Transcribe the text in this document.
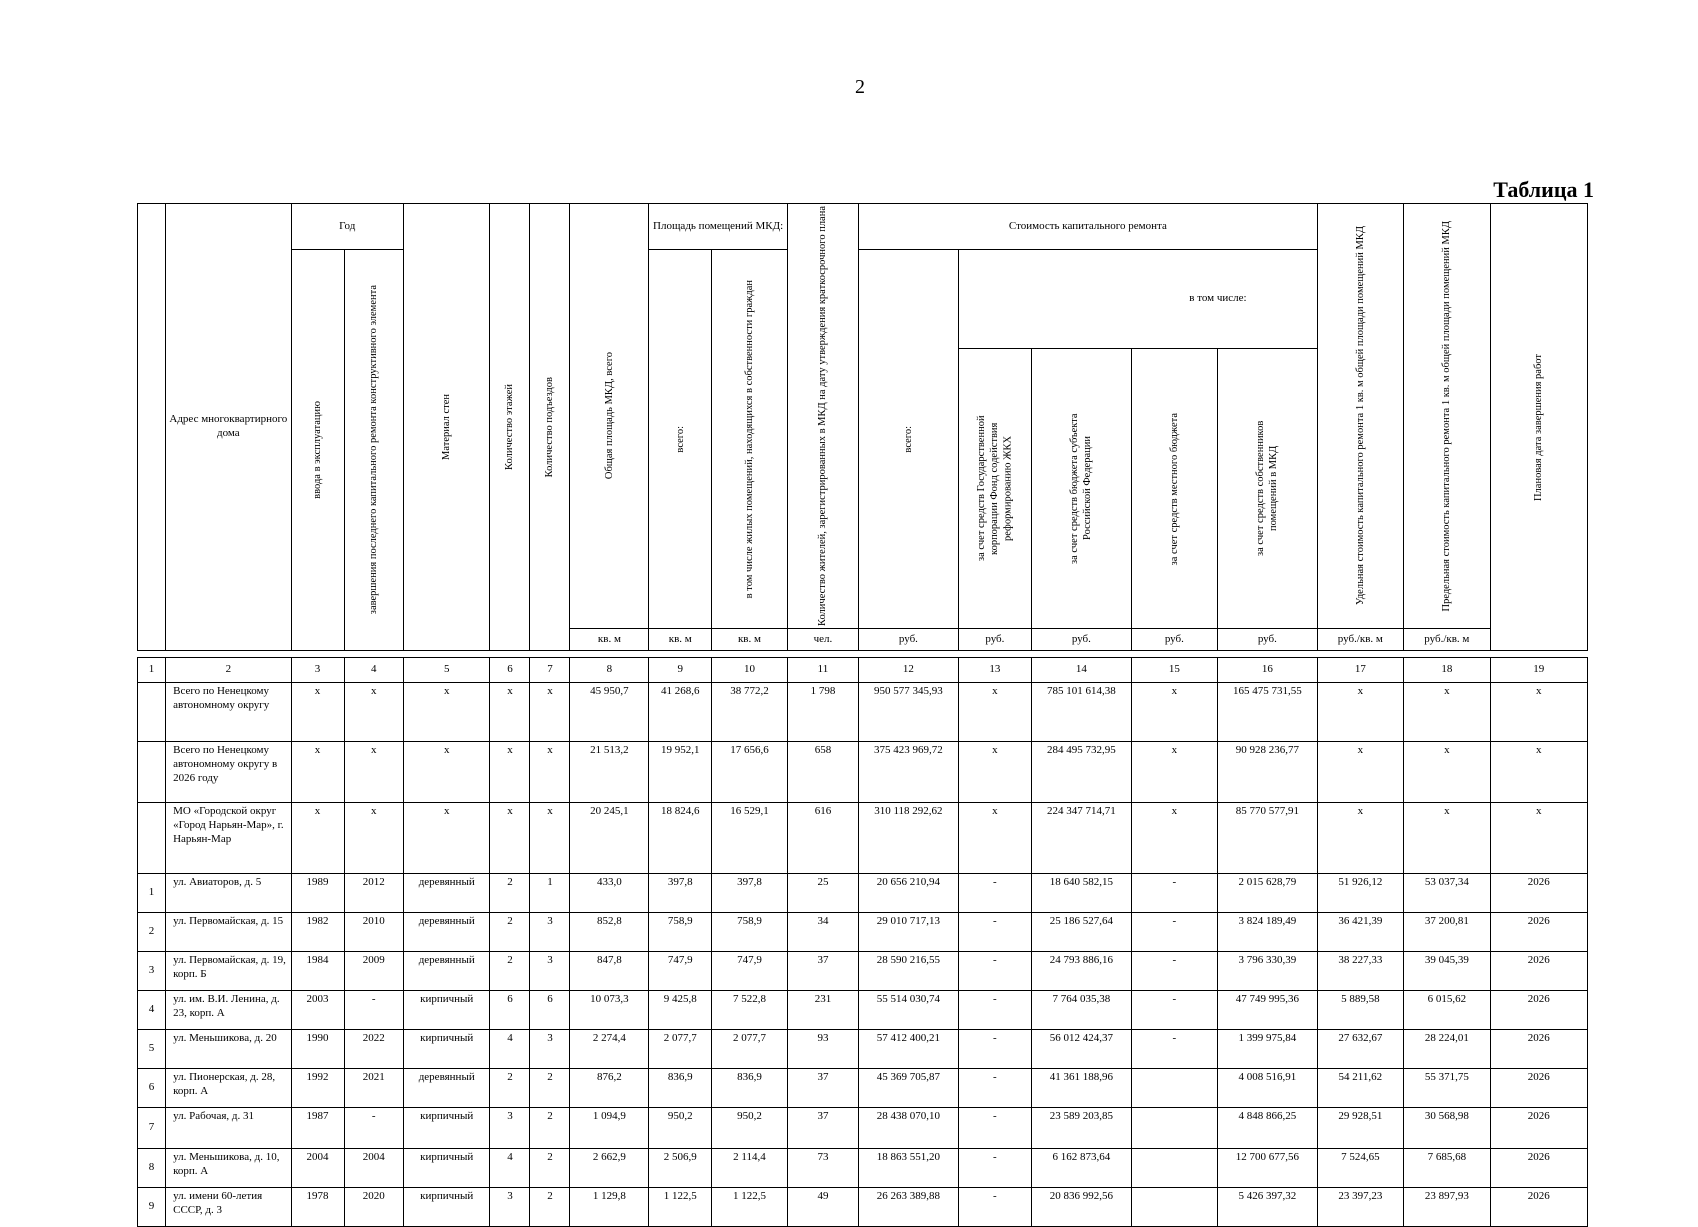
2
Таблица 1
	Адрес многоквартирного дома	Год		Материал стен	Количество этажей	Количество подъездов	Общая площадь МКД, всего	Площадь помещений МКД:		Количество жителей, зарегистрированных в МКД на дату утверждения краткосрочного плана	Стоимость капитального ремонта					Удельная стоимость капитального ремонта 1 кв. м общей площади помещений МКД	Предельная стоимость капитального ремонта 1 кв. м общей площади помещений МКД	Плановая дата завершения работ

		ввода в эксплуатацию	завершения последнего капитального ремонта конструктивного элемента					всего:	в том числе жилых помещений, находящихся в собственности граждан		всего:	в том числе:						

												за счет средств Государственной корпорации Фонд содействия реформированию ЖКХ	за счет средств бюджета субъекта Российской Федерации	за счет средств местного бюджета	за счет средств собственников помещений в МКД			

							кв. м	кв. м	кв. м	чел.	руб.	руб.	руб.	руб.	руб.	руб./кв. м	руб./кв. м	

1	2	3	4	5	6	7	8	9	10	11	12	13	14	15	16	17	18	19
	Всего по Ненецкому автономному округу	х	х	х	х	х	45 950,7	41 268,6	38 772,2	1 798	950 577 345,93	х	785 101 614,38	х	165 475 731,55	х	х	х
	Всего по Ненецкому автономному округу в 2026 году	х	х	х	х	х	21 513,2	19 952,1	17 656,6	658	375 423 969,72	х	284 495 732,95	х	90 928 236,77	х	х	х
	МО «Городской округ «Город Нарьян-Мар», г. Нарьян-Мар	х	х	х	х	х	20 245,1	18 824,6	16 529,1	616	310 118 292,62	х	224 347 714,71	х	85 770 577,91	х	х	х
1	ул. Авиаторов, д. 5	1989	2012	деревянный	2	1	433,0	397,8	397,8	25	20 656 210,94	-	18 640 582,15	-	2 015 628,79	51 926,12	53 037,34	2026
2	ул. Первомайская, д. 15	1982	2010	деревянный	2	3	852,8	758,9	758,9	34	29 010 717,13	-	25 186 527,64	-	3 824 189,49	36 421,39	37 200,81	2026
3	ул. Первомайская, д. 19, корп. Б	1984	2009	деревянный	2	3	847,8	747,9	747,9	37	28 590 216,55	-	24 793 886,16	-	3 796 330,39	38 227,33	39 045,39	2026
4	ул. им. В.И. Ленина, д. 23, корп. А	2003	-	кирпичный	6	6	10 073,3	9 425,8	7 522,8	231	55 514 030,74	-	7 764 035,38	-	47 749 995,36	5 889,58	6 015,62	2026
5	ул. Меньшикова, д. 20	1990	2022	кирпичный	4	3	2 274,4	2 077,7	2 077,7	93	57 412 400,21	-	56 012 424,37	-	1 399 975,84	27 632,67	28 224,01	2026
6	ул. Пионерская, д. 28, корп. А	1992	2021	деревянный	2	2	876,2	836,9	836,9	37	45 369 705,87	-	41 361 188,96		4 008 516,91	54 211,62	55 371,75	2026
7	ул. Рабочая, д. 31	1987	-	кирпичный	3	2	1 094,9	950,2	950,2	37	28 438 070,10	-	23 589 203,85		4 848 866,25	29 928,51	30 568,98	2026
8	ул. Меньшикова, д. 10, корп. А	2004	2004	кирпичный	4	2	2 662,9	2 506,9	2 114,4	73	18 863 551,20	-	6 162 873,64		12 700 677,56	7 524,65	7 685,68	2026
9	ул. имени 60-летия СССР, д. 3	1978	2020	кирпичный	3	2	1 129,8	1 122,5	1 122,5	49	26 263 389,88	-	20 836 992,56		5 426 397,32	23 397,23	23 897,93	2026
